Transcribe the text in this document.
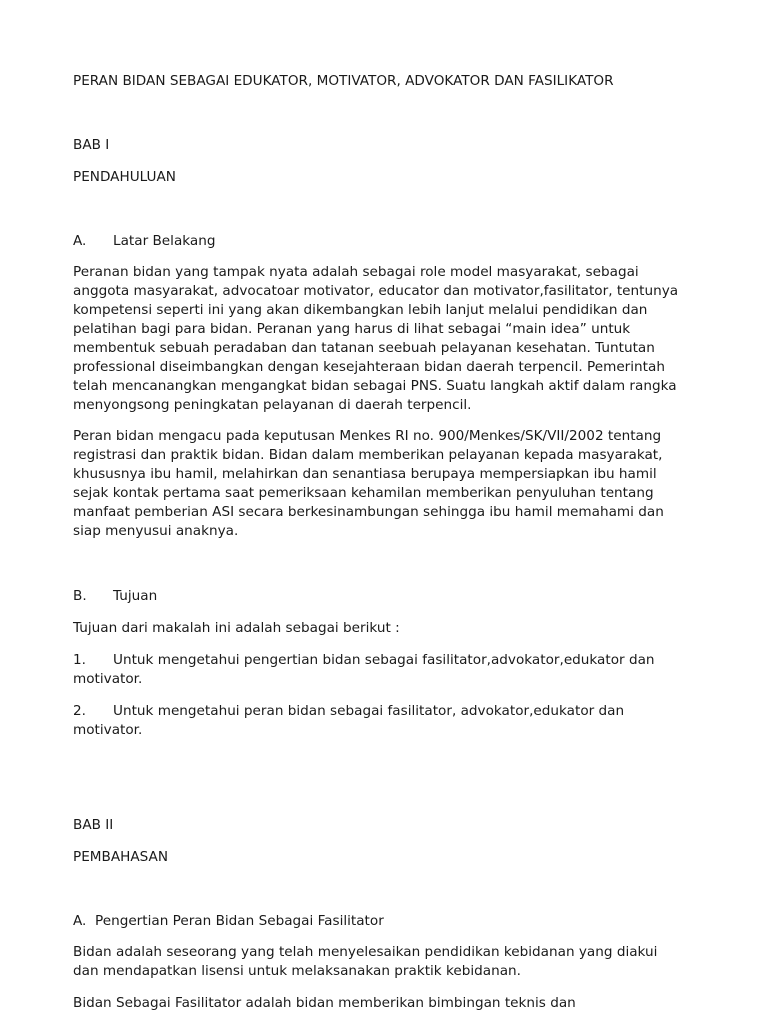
PERAN BIDAN SEBAGAI EDUKATOR, MOTIVATOR, ADVOKATOR DAN FASILIKATOR
BAB I
PENDAHULUAN
A. Latar Belakang
Peranan bidan yang tampak nyata adalah sebagai role model masyarakat, sebagai
anggota masyarakat, advocatoar motivator, educator dan motivator,fasilitator, tentunya
kompetensi seperti ini yang akan dikembangkan lebih lanjut melalui pendidikan dan
pelatihan bagi para bidan. Peranan yang harus di lihat sebagai “main idea” untuk
membentuk sebuah peradaban dan tatanan seebuah pelayanan kesehatan. Tuntutan
professional diseimbangkan dengan kesejahteraan bidan daerah terpencil. Pemerintah
telah mencanangkan mengangkat bidan sebagai PNS. Suatu langkah aktif dalam rangka
menyongsong peningkatan pelayanan di daerah terpencil.
Peran bidan mengacu pada keputusan Menkes RI no. 900/Menkes/SK/VII/2002 tentang
registrasi dan praktik bidan. Bidan dalam memberikan pelayanan kepada masyarakat,
khususnya ibu hamil, melahirkan dan senantiasa berupaya mempersiapkan ibu hamil
sejak kontak pertama saat pemeriksaan kehamilan memberikan penyuluhan tentang
manfaat pemberian ASI secara berkesinambungan sehingga ibu hamil memahami dan
siap menyusui anaknya.
B. Tujuan
Tujuan dari makalah ini adalah sebagai berikut :
1. Untuk mengetahui pengertian bidan sebagai fasilitator,advokator,edukator dan
motivator.
2. Untuk mengetahui peran bidan sebagai fasilitator, advokator,edukator dan
motivator.
BAB II
PEMBAHASAN
A. Pengertian Peran Bidan Sebagai Fasilitator
Bidan adalah seseorang yang telah menyelesaikan pendidikan kebidanan yang diakui
dan mendapatkan lisensi untuk melaksanakan praktik kebidanan.
Bidan Sebagai Fasilitator adalah bidan memberikan bimbingan teknis dan
